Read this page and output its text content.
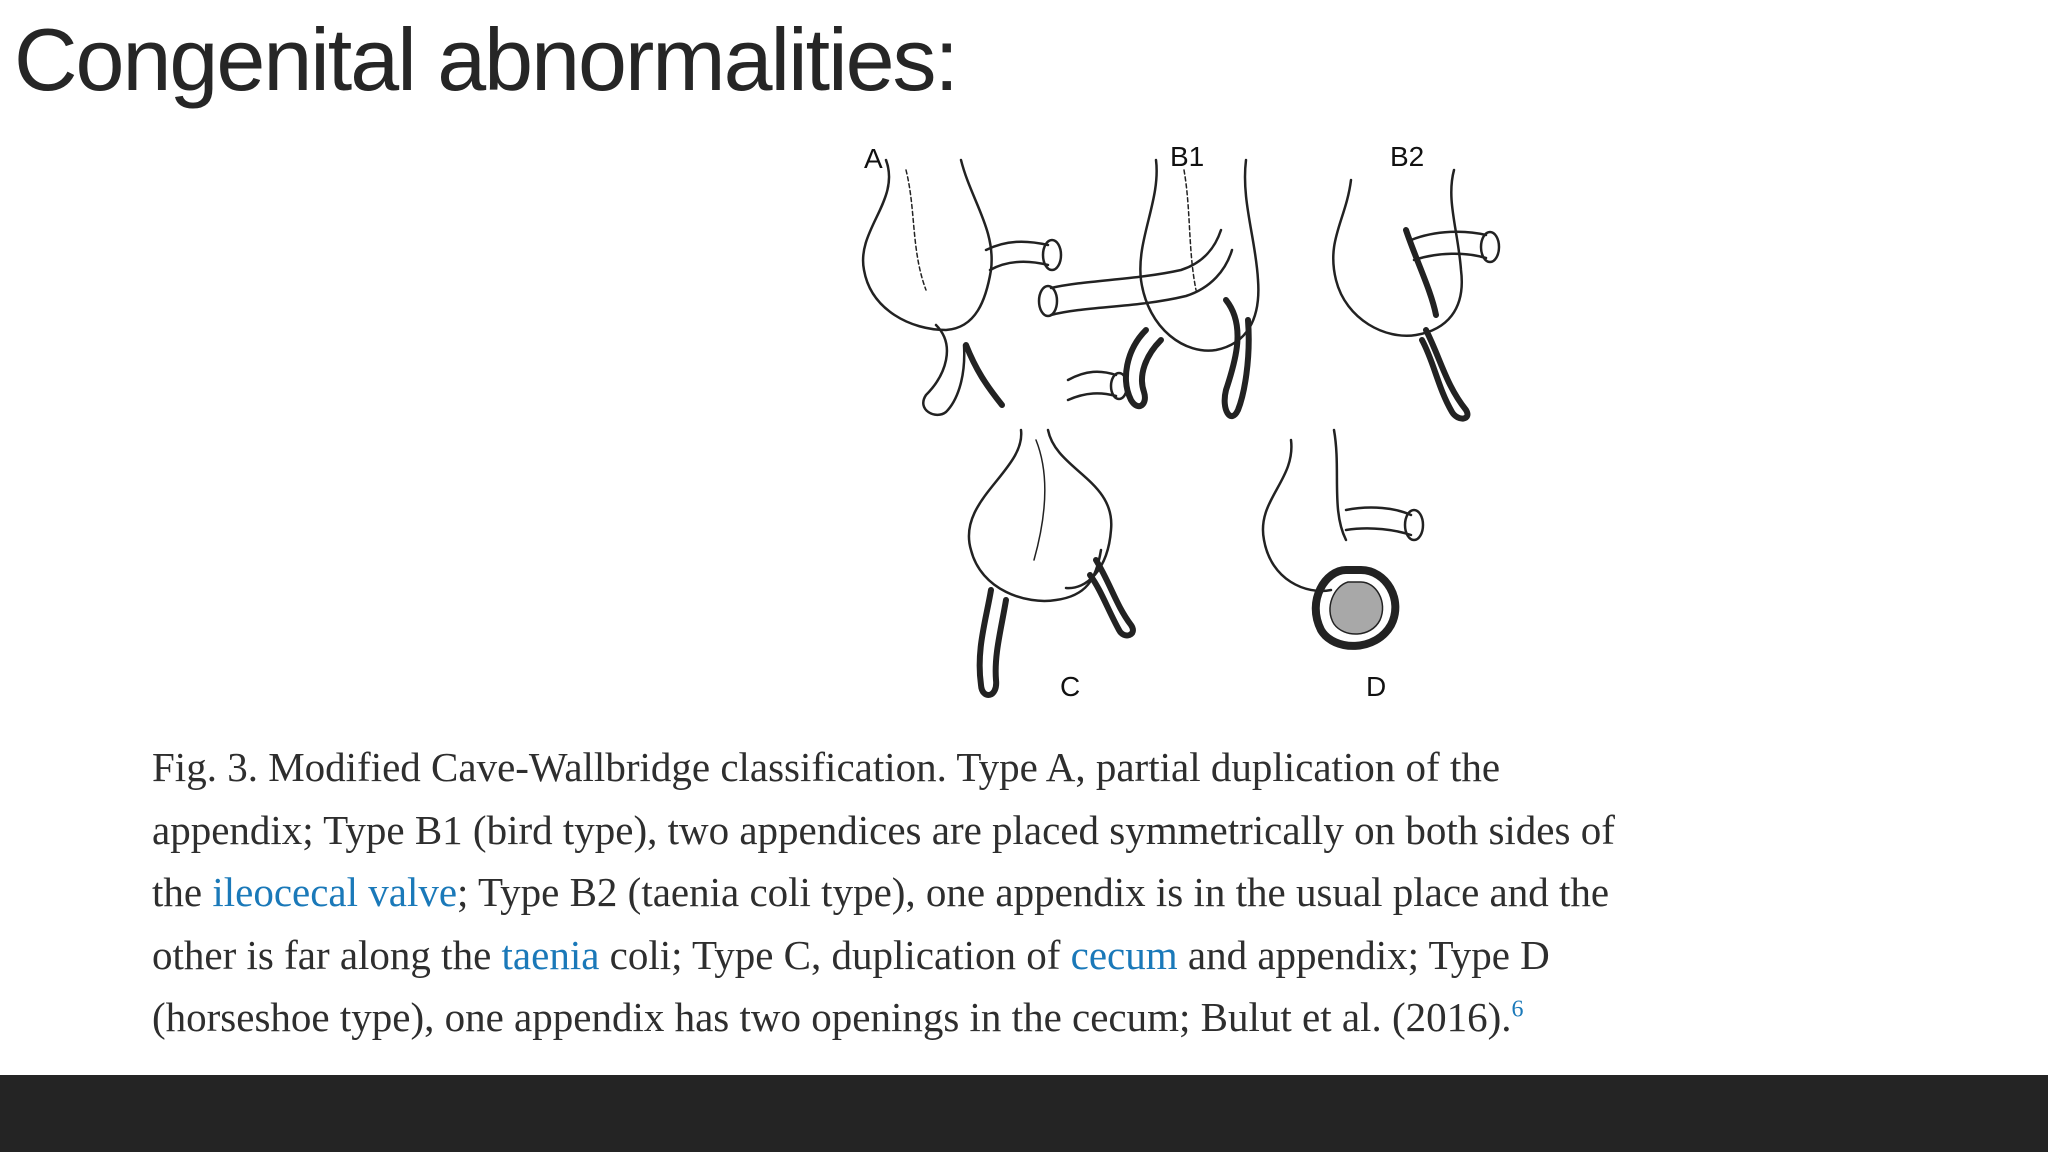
Congenital abnormalities:
A	B1	B2
C	D

Fig. 3. Modified Cave-Wallbridge classification. Type A, partial duplication of the
appendix; Type B1 (bird type), two appendices are placed symmetrically on both sides of
the ileocecal valve; Type B2 (taenia coli type), one appendix is in the usual place and the
other is far along the taenia coli; Type C, duplication of cecum and appendix; Type D
(horseshoe type), one appendix has two openings in the cecum; Bulut et al. (2016).$^6$
